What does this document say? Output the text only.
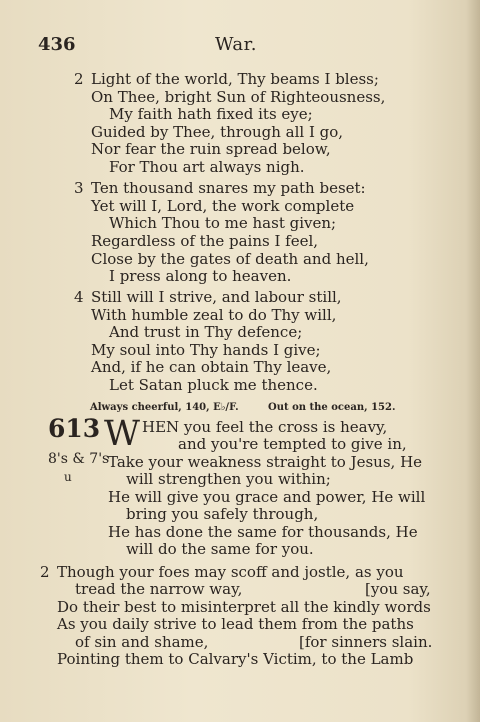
436	War.
2 Light of the world, Thy beams I bless;
On Thee, bright Sun of Righteousness,
My faith hath fixed its eye;
Guided by Thee, through all I go,
Nor fear the ruin spread below,
For Thou art always nigh.
3 Ten thousand snares my path beset:
Yet will I, Lord, the work complete
Which Thou to me hast given;
Regardless of the pains I feel,
Close by the gates of death and hell,
I press along to heaven.
4 Still will I strive, and labour still,
With humble zeal to do Thy will,
And trust in Thy defence;
My soul into Thy hands I give;
And, if he can obtain Thy leave,
Let Satan pluck me thence.
Always cheerful, 140, E♭/F.	Out on the ocean, 152.
613
8's & 7's
u
W HEN you feel the cross is heavy,
and you're tempted to give in,
Take your weakness straight to Jesus, He
will strengthen you within;
He will give you grace and power, He will
bring you safely through,
He has done the same for thousands, He
will do the same for you.
2 Though your foes may scoff and jostle, as you
tread the narrow way,	[you say,
Do their best to misinterpret all the kindly words
As you daily strive to lead them from the paths
of sin and shame,	[for sinners slain.
Pointing them to Calvary's Victim, to the Lamb
